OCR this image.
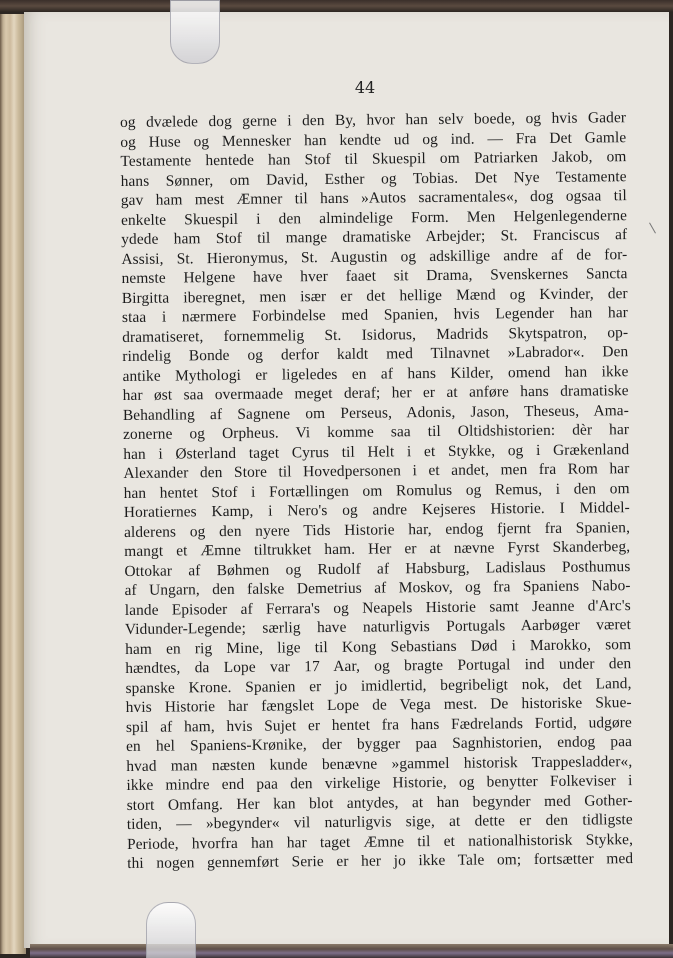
44
og dvælede dog gerne i den By, hvor han selv boede, og hvis Gader
og Huse og Mennesker han kendte ud og ind. — Fra Det Gamle
Testamente hentede han Stof til Skuespil om Patriarken Jakob, om
hans Sønner, om David, Esther og Tobias. Det Nye Testamente
gav ham mest Æmner til hans »Autos sacramentales«, dog ogsaa til
enkelte Skuespil i den almindelige Form. Men Helgenlegenderne
ydede ham Stof til mange dramatiske Arbejder; St. Franciscus af
Assisi, St. Hieronymus, St. Augustin og adskillige andre af de for-
nemste Helgene have hver faaet sit Drama, Svenskernes Sancta
Birgitta iberegnet, men især er det hellige Mænd og Kvinder, der
staa i nærmere Forbindelse med Spanien, hvis Legender han har
dramatiseret, fornemmelig St. Isidorus, Madrids Skytspatron, op-
rindelig Bonde og derfor kaldt med Tilnavnet »Labrador«. Den
antike Mythologi er ligeledes en af hans Kilder, omend han ikke
har øst saa overmaade meget deraf; her er at anføre hans dramatiske
Behandling af Sagnene om Perseus, Adonis, Jason, Theseus, Ama-
zonerne og Orpheus. Vi komme saa til Oltidshistorien: dèr har
han i Østerland taget Cyrus til Helt i et Stykke, og i Grækenland
Alexander den Store til Hovedpersonen i et andet, men fra Rom har
han hentet Stof i Fortællingen om Romulus og Remus, i den om
Horatiernes Kamp, i Nero's og andre Kejseres Historie. I Middel-
alderens og den nyere Tids Historie har, endog fjernt fra Spanien,
mangt et Æmne tiltrukket ham. Her er at nævne Fyrst Skanderbeg,
Ottokar af Bøhmen og Rudolf af Habsburg, Ladislaus Posthumus
af Ungarn, den falske Demetrius af Moskov, og fra Spaniens Nabo-
lande Episoder af Ferrara's og Neapels Historie samt Jeanne d'Arc's
Vidunder-Legende; særlig have naturligvis Portugals Aarbøger været
ham en rig Mine, lige til Kong Sebastians Død i Marokko, som
hændtes, da Lope var 17 Aar, og bragte Portugal ind under den
spanske Krone. Spanien er jo imidlertid, begribeligt nok, det Land,
hvis Historie har fængslet Lope de Vega mest. De historiske Skue-
spil af ham, hvis Sujet er hentet fra hans Fædrelands Fortid, udgøre
en hel Spaniens-Krønike, der bygger paa Sagnhistorien, endog paa
hvad man næsten kunde benævne »gammel historisk Trappesladder«,
ikke mindre end paa den virkelige Historie, og benytter Folkeviser i
stort Omfang. Her kan blot antydes, at han begynder med Gother-
tiden, — »begynder« vil naturligvis sige, at dette er den tidligste
Periode, hvorfra han har taget Æmne til et nationalhistorisk Stykke,
thi nogen gennemført Serie er her jo ikke Tale om; fortsætter med
